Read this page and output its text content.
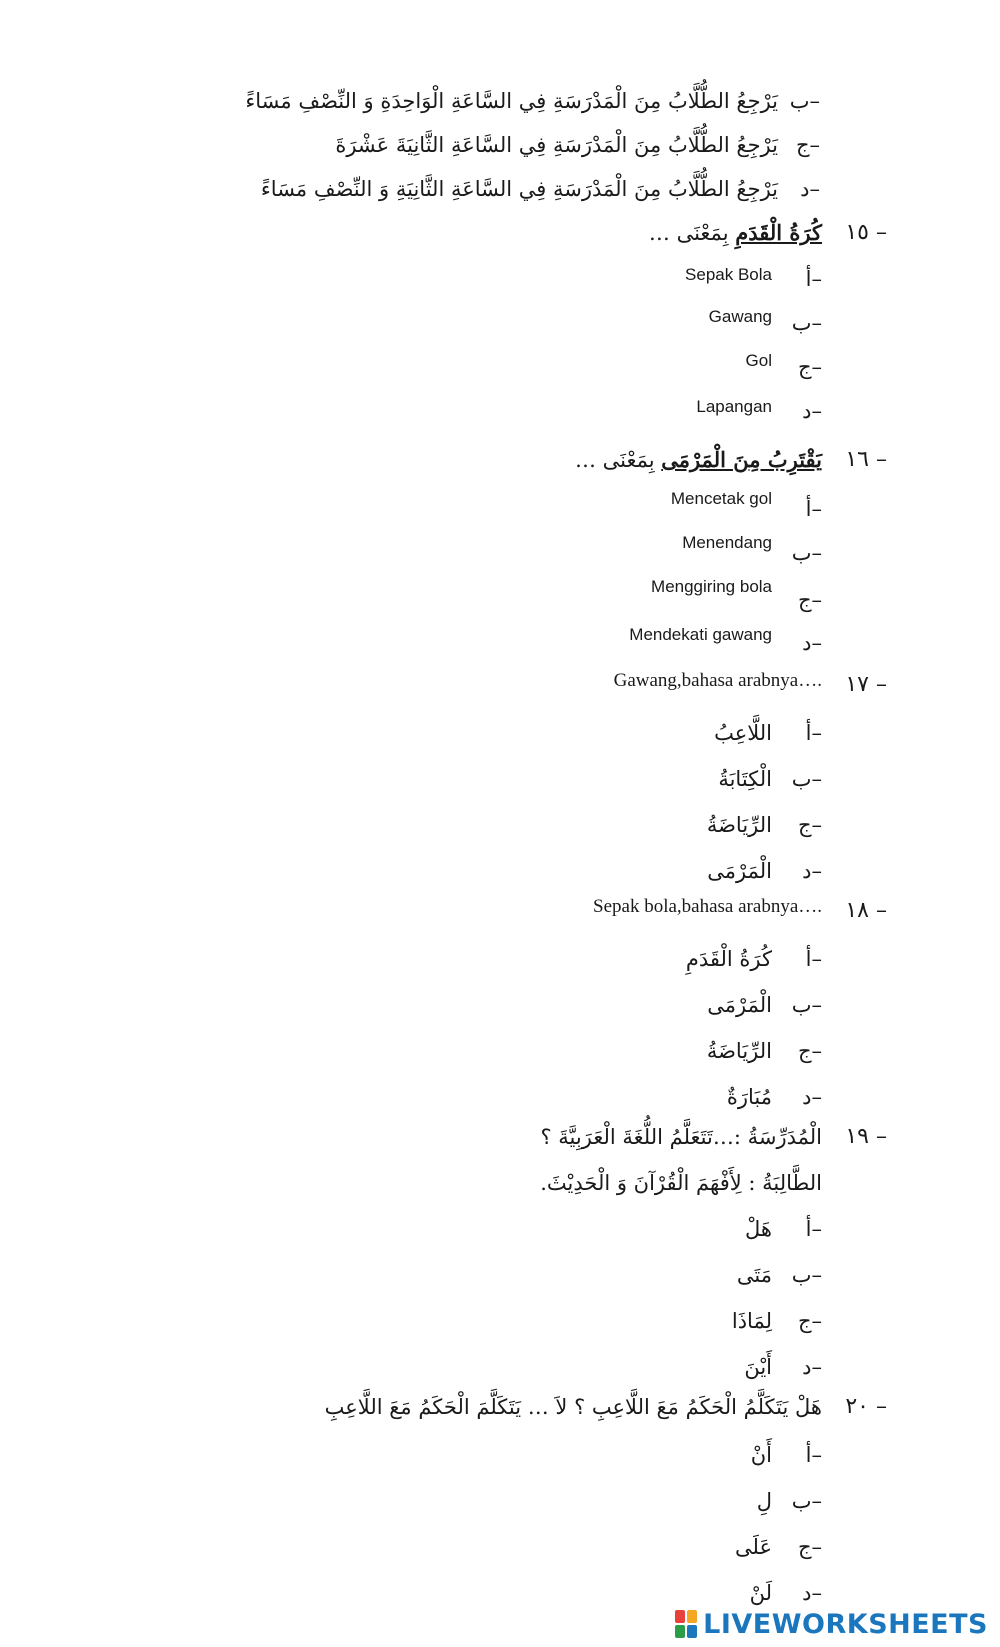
ب–
يَرْجِعُ الطُّلَّابُ مِنَ الْمَدْرَسَةِ فِي السَّاعَةِ الْوَاحِدَةِ وَ النِّصْفِ مَسَاءً
ج–
يَرْجِعُ الطُّلَّابُ مِنَ الْمَدْرَسَةِ فِي السَّاعَةِ الثَّانِيَةَ عَشْرَةَ
د–
يَرْجِعُ الطُّلَّابُ مِنَ الْمَدْرَسَةِ فِي السَّاعَةِ الثَّانِيَةِ وَ النِّصْفِ مَسَاءً
١٥ –
كُرَةُ الْقَدَمِ بِمَعْنَى …
أ–
Sepak Bola
ب–
Gawang
ج–
Gol
د–
Lapangan
١٦ –
يَقْتَرِبُ مِنَ الْمَرْمَى بِمَعْنَى …
أ–
Mencetak gol
ب–
Menendang
ج–
Menggiring bola
د–
Mendekati gawang
١٧ –
Gawang,bahasa arabnya….
أ–
اللَّاعِبُ
ب–
الْكِتَابَةُ
ج–
الرِّيَاضَةُ
د–
الْمَرْمَى
١٨ –
Sepak bola,bahasa arabnya….
أ–
كُرَةُ الْقَدَمِ
ب–
الْمَرْمَى
ج–
الرِّيَاضَةُ
د–
مُبَارَةٌ
١٩ –
الْمُدَرِّسَةُ :…تَتَعَلَّمُ اللُّغَةَ الْعَرَبِيَّةَ ؟
الطَّالِبَةُ : لِأَفْهَمَ الْقُرْآنَ وَ الْحَدِيْثَ.
أ–
هَلْ
ب–
مَتَى
ج–
لِمَاذَا
د–
أَيْنَ
٢٠ –
هَلْ يَتَكَلَّمُ الْحَكَمُ مَعَ اللَّاعِبِ ؟ لاَ … يَتَكَلَّمَ الْحَكَمُ مَعَ اللَّاعِبِ
أ–
أَنْ
ب–
لِ
ج–
عَلَى
د–
لَنْ
LIVEWORKSHEETS
